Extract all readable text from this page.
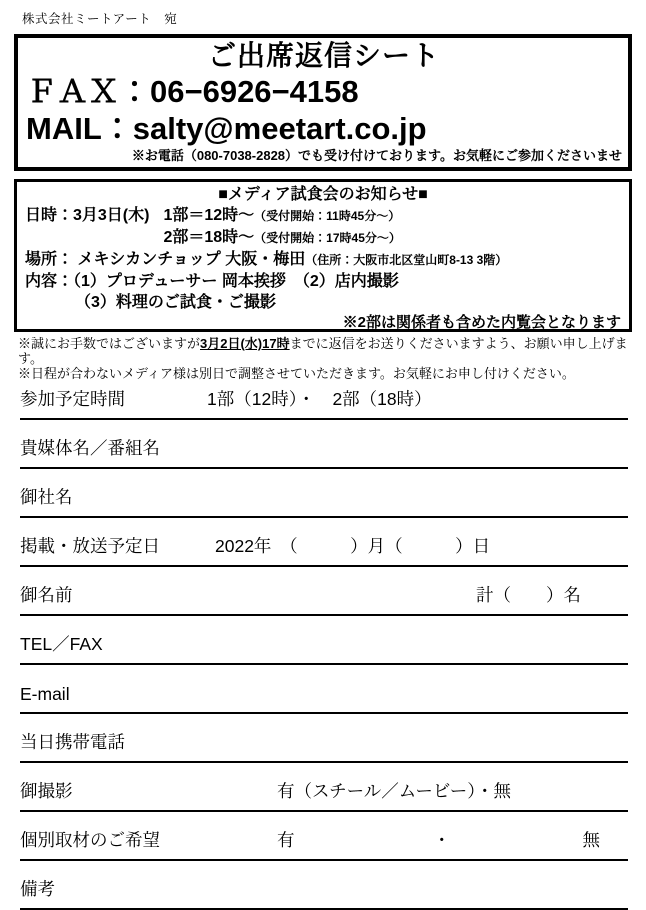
株式会社ミートアート　宛
ご出席返信シート
ＦＡＸ：06−6926−4158
MAIL：salty@meetart.co.jp
※お電話（080-7038-2828）でも受け付けております。お気軽にご参加くださいませ
■メディア試食会のお知らせ■
日時：3月3日(木) 1部＝12時〜（受付開始：11時45分〜）
2部＝18時〜（受付開始：17時45分〜）
場所： メキシカンチョップ 大阪・梅田（住所：大阪市北区堂山町8-13 3階）
内容：（1）プロデューサー 岡本挨拶　（2）店内撮影
（3）料理のご試食・ご撮影
※2部は関係者も含めた内覧会となります
※誠にお手数ではございますが3月2日(水)17時までに返信をお送りくださいますよう、お願い申し上げます。
※日程が合わないメディア様は別日で調整させていただきます。お気軽にお申し付けください。
参加予定時間	1部（12時）・　2部（18時）
貴媒体名／番組名
御社名
掲載・放送予定日	2022年　（　　　）月（　　　）日
御名前	計（　　）名
TEL／FAX
E-mail
当日携帯電話
御撮影	有（スチール／ムービー）・無
個別取材のご希望	有	・	無
備考
